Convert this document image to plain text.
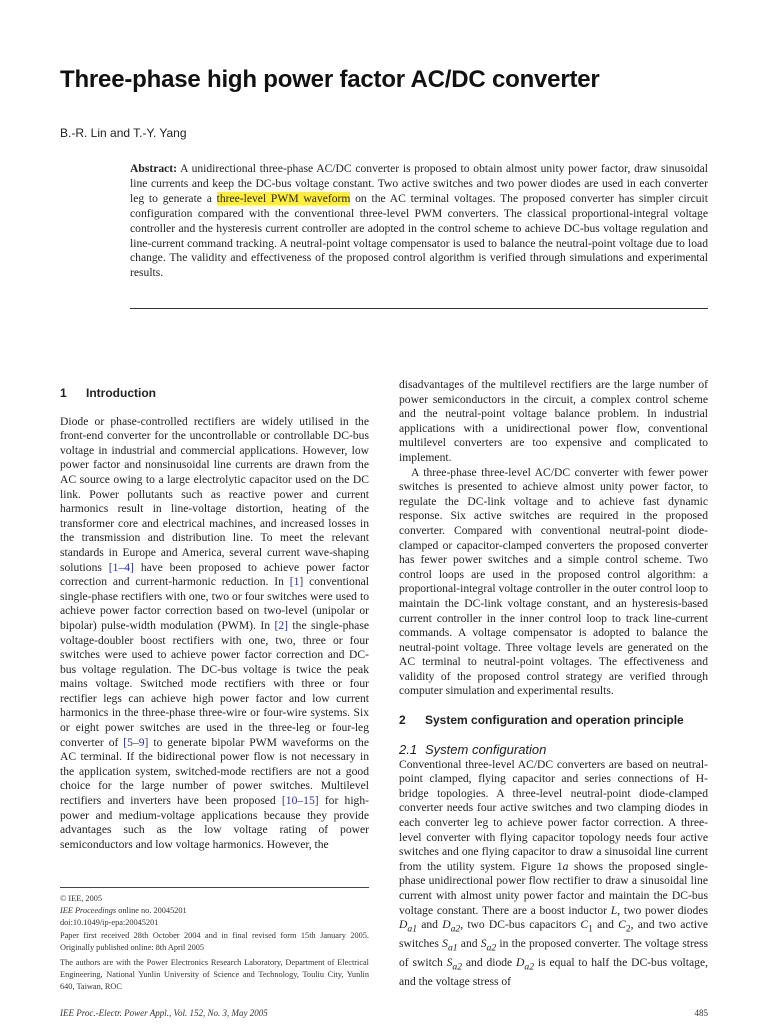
Three-phase high power factor AC/DC converter
B.-R. Lin and T.-Y. Yang
Abstract: A unidirectional three-phase AC/DC converter is proposed to obtain almost unity power factor, draw sinusoidal line currents and keep the DC-bus voltage constant. Two active switches and two power diodes are used in each converter leg to generate a three-level PWM waveform on the AC terminal voltages. The proposed converter has simpler circuit configuration compared with the conventional three-level PWM converters. The classical proportional-integral voltage controller and the hysteresis current controller are adopted in the control scheme to achieve DC-bus voltage regulation and line-current command tracking. A neutral-point voltage compensator is used to balance the neutral-point voltage due to load change. The validity and effectiveness of the proposed control algorithm is verified through simulations and experimental results.
1 Introduction

Diode or phase-controlled rectifiers are widely utilised in the front-end converter for the uncontrollable or controllable DC-bus voltage in industrial and commercial applications. However, low power factor and nonsinusoidal line currents are drawn from the AC source owing to a large electrolytic capacitor used on the DC link. Power pollutants such as reactive power and current harmonics result in line-voltage distortion, heating of the transformer core and electrical machines, and increased losses in the transmission and distribution line. To meet the relevant standards in Europe and America, several current wave-shaping solutions [1–4] have been proposed to achieve power factor correction and current-harmonic reduction. In [1] conventional single-phase rectifiers with one, two or four switches were used to achieve power factor correction based on two-level (unipolar or bipolar) pulse-width modulation (PWM). In [2] the single-phase voltage-doubler boost rectifiers with one, two, three or four switches were used to achieve power factor correction and DC-bus voltage regulation. The DC-bus voltage is twice the peak mains voltage. Switched mode rectifiers with three or four rectifier legs can achieve high power factor and low current harmonics in the three-phase three-wire or four-wire systems. Six or eight power switches are used in the three-leg or four-leg converter of [5–9] to generate bipolar PWM waveforms on the AC terminal. If the bidirectional power flow is not necessary in the application system, switched-mode rectifiers are not a good choice for the large number of power switches. Multilevel rectifiers and inverters have been proposed [10–15] for high-power and medium-voltage applications because they provide advantages such as the low voltage rating of power semiconductors and low voltage harmonics. However, the

© IEE, 2005

IEE Proceedings online no. 20045201

doi:10.1049/ip-epa:20045201

Paper first received 28th October 2004 and in final revised form 15th January 2005. Originally published online: 8th April 2005

The authors are with the Power Electronics Research Laboratory, Department of Electrical Engineering, National Yunlin University of Science and Technology, Touliu City, Yunlin 640, Taiwan, ROC

disadvantages of the multilevel rectifiers are the large number of power semiconductors in the circuit, a complex control scheme and the neutral-point voltage balance problem. In industrial applications with a unidirectional power flow, conventional multilevel converters are too expensive and complicated to implement.

A three-phase three-level AC/DC converter with fewer power switches is presented to achieve almost unity power factor, to regulate the DC-link voltage and to achieve fast dynamic response. Six active switches are required in the proposed converter. Compared with conventional neutral-point diode-clamped or capacitor-clamped converters the proposed converter has fewer power switches and a simple control scheme. Two control loops are used in the proposed control algorithm: a proportional-integral voltage controller in the outer control loop to maintain the DC-link voltage constant, and an hysteresis-based current controller in the inner control loop to track line-current commands. A voltage compensator is adopted to balance the neutral-point voltage. Three voltage levels are generated on the AC terminal to neutral-point voltages. The effectiveness and validity of the proposed control strategy are verified through computer simulation and experimental results.

2 System configuration and operation principle
2.1 System configuration

Conventional three-level AC/DC converters are based on neutral-point clamped, flying capacitor and series connections of H-bridge topologies. A three-level neutral-point diode-clamped converter needs four active switches and two clamping diodes in each converter leg to achieve power factor correction. A three-level converter with flying capacitor topology needs four active switches and one flying capacitor to draw a sinusoidal line current from the utility system. Figure 1a shows the proposed single-phase unidirectional power flow rectifier to draw a sinusoidal line current with almost unity power factor and maintain the DC-bus voltage constant. There are a boost inductor L, two power diodes $D_{a1}$ and $D_{a2}$, two DC-bus capacitors $C_1$ and $C_2$, and two active switches $S_{a1}$ and $S_{a2}$ in the proposed converter. The voltage stress of switch $S_{a2}$ and diode $D_{a2}$ is equal to half the DC-bus voltage, and the voltage stress of

IEE Proc.-Electr. Power Appl., Vol. 152, No. 3, May 2005	485
